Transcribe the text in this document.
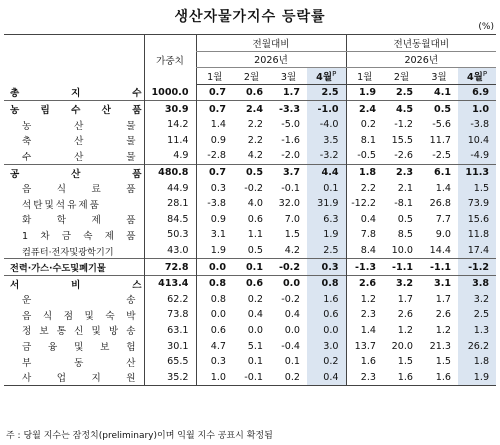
생산자물가지수 등락률
(%)
	가중치	전월대비				전년동월대비			
		2026년				2026년			
		1월	2월	3월	4월$^P$	1월	2월	3월	4월$^P$
총 지 수	1000.0	0.7	0.6	1.7	2.5	1.9	2.5	4.1	6.9
농 림 수 산 품	30.9	0.7	2.4	-3.3	-1.0	2.4	4.5	0.5	1.0
농 산 물	14.2	1.4	2.2	-5.0	-4.0	0.2	-1.2	-5.6	-3.8
축 산 물	11.4	0.9	2.2	-1.6	3.5	8.1	15.5	11.7	10.4
수 산 물	4.9	-2.8	4.2	-2.0	-3.2	-0.5	-2.6	-2.5	-4.9
공 산 품	480.8	0.7	0.5	3.7	4.4	1.8	2.3	6.1	11.3
음 식 료 품	44.9	0.3	-0.2	-0.1	0.1	2.2	2.1	1.4	1.5
석탄및석유제품	28.1	-3.8	4.0	32.0	31.9	-12.2	-8.1	26.8	73.9
화 학 제 품	84.5	0.9	0.6	7.0	6.3	0.4	0.5	7.7	15.6
1 차 금 속 제 품	50.3	3.1	1.1	1.5	1.9	7.8	8.5	9.0	11.8
컴퓨터·전자및광학기기	43.0	1.9	0.5	4.2	2.5	8.4	10.0	14.4	17.4
전력·가스·수도및폐기물	72.8	0.0	0.1	-0.2	0.3	-1.3	-1.1	-1.1	-1.2
서 비 스	413.4	0.8	0.6	0.0	0.8	2.6	3.2	3.1	3.8
운 송	62.2	0.8	0.2	-0.2	1.6	1.2	1.7	1.7	3.2
음 식 점 및 숙 박	73.8	0.0	0.4	0.4	0.6	2.3	2.6	2.6	2.5
정 보 통 신 및 방 송	63.1	0.6	0.0	0.0	0.0	1.4	1.2	1.2	1.3
금 융 및 보 험	30.1	4.7	5.1	-0.4	3.0	13.7	20.0	21.3	26.2
부 동 산	65.5	0.3	0.1	0.1	0.2	1.6	1.5	1.5	1.8
사 업 지 원	35.2	1.0	-0.1	0.2	0.4	2.3	1.6	1.6	1.9
주 : 당월 지수는 잠정치(preliminary)이며 익월 지수 공표시 확정됨
